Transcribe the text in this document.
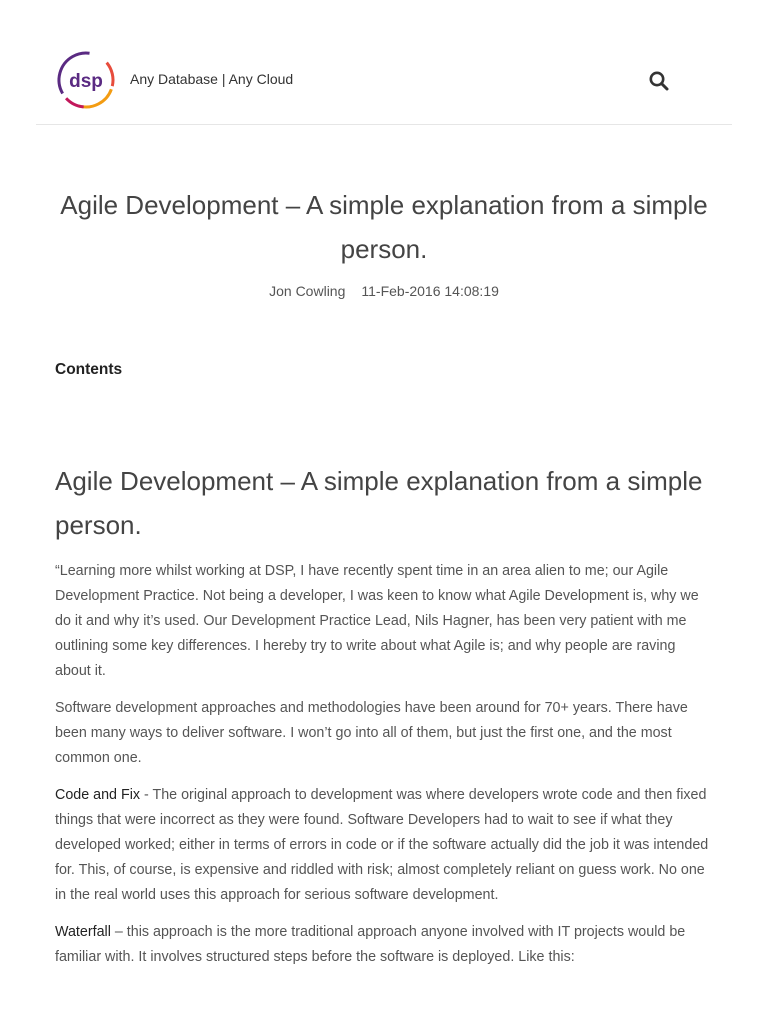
dsp Any Database | Any Cloud
Agile Development – A simple explanation from a simple person.
Jon Cowling 11-Feb-2016 14:08:19
Contents
Agile Development – A simple explanation from a simple person.

“Learning more whilst working at DSP, I have recently spent time in an area alien to me; our Agile Development Practice. Not being a developer, I was keen to know what Agile Development is, why we do it and why it’s used. Our Development Practice Lead, Nils Hagner, has been very patient with me outlining some key differences. I hereby try to write about what Agile is; and why people are raving about it.

Software development approaches and methodologies have been around for 70+ years. There have been many ways to deliver software. I won’t go into all of them, but just the first one, and the most common one.

Code and Fix - The original approach to development was where developers wrote code and then fixed things that were incorrect as they were found. Software Developers had to wait to see if what they developed worked; either in terms of errors in code or if the software actually did the job it was intended for. This, of course, is expensive and riddled with risk; almost completely reliant on guess work. No one in the real world uses this approach for serious software development.

Waterfall – this approach is the more traditional approach anyone involved with IT projects would be familiar with. It involves structured steps before the software is deployed. Like this:
